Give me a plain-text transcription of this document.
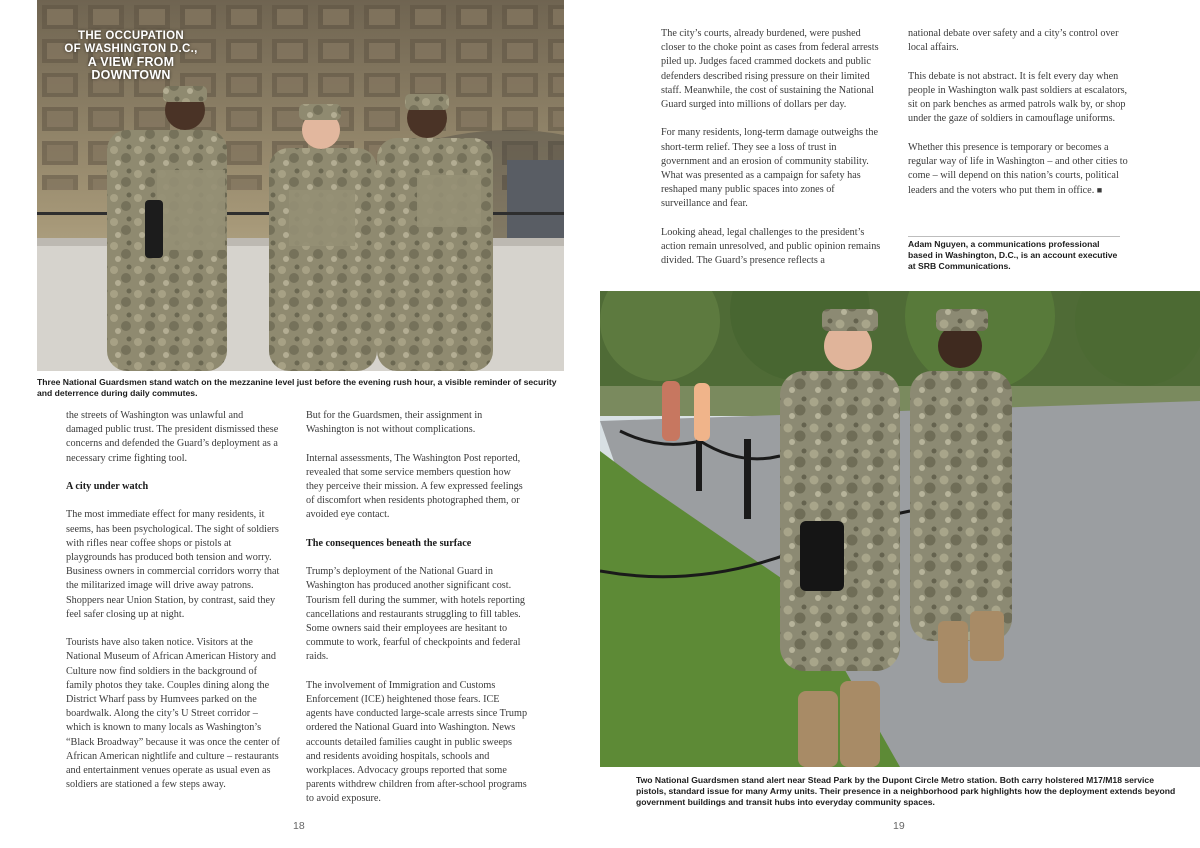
THE OCCUPATION
OF WASHINGTON D.C.,
A VIEW FROM
DOWNTOWN
Three National Guardsmen stand watch on the mezzanine level just before the evening rush hour, a visible reminder of security and deterrence during daily commutes.

the streets of Washington was unlawful and damaged public trust. The president dismissed these concerns and defended the Guard’s deployment as a necessary crime fighting tool.

A city under watch

The most immediate effect for many residents, it seems, has been psychological. The sight of soldiers with rifles near coffee shops or pistols at playgrounds has produced both tension and worry. Business owners in commercial corridors worry that the militarized image will drive away patrons. Shoppers near Union Station, by contrast, said they feel safer closing up at night.

Tourists have also taken notice. Visitors at the National Museum of African American History and Culture now find soldiers in the background of family photos they take. Couples dining along the District Wharf pass by Humvees parked on the boardwalk. Along the city’s U Street corridor – which is known to many locals as Washington’s “Black Broadway” because it was once the center of African American nightlife and culture – restaurants and entertainment venues operate as usual even as soldiers are stationed a few steps away.

But for the Guardsmen, their assignment in Washington is not without complications.

Internal assessments, The Washington Post reported, revealed that some service members question how they perceive their mission. A few expressed feelings of discomfort when residents photographed them, or avoided eye contact.

The consequences beneath the surface

Trump’s deployment of the National Guard in Washington has produced another significant cost. Tourism fell during the summer, with hotels reporting cancellations and restaurants struggling to fill tables. Some owners said their employees are hesitant to commute to work, fearful of checkpoints and federal raids.

The involvement of Immigration and Customs Enforcement (ICE) heightened those fears. ICE agents have conducted large-scale arrests since Trump ordered the National Guard into Washington. News accounts detailed families caught in public sweeps and residents avoiding hospitals, schools and workplaces. Advocacy groups reported that some parents withdrew children from after-school programs to avoid exposure.

18

The city’s courts, already burdened, were pushed closer to the choke point as cases from federal arrests piled up. Judges faced crammed dockets and public defenders described rising pressure on their limited staff. Meanwhile, the cost of sustaining the National Guard surged into millions of dollars per day.

For many residents, long-term damage outweighs the short-term relief. They see a loss of trust in government and an erosion of community stability. What was presented as a campaign for safety has reshaped many public spaces into zones of surveillance and fear.

Looking ahead, legal challenges to the president’s action remain unresolved, and public opinion remains divided. The Guard’s presence reflects a

national debate over safety and a city’s control over local affairs.

This debate is not abstract. It is felt every day when people in Washington walk past soldiers at escalators, sit on park benches as armed patrols walk by, or shop under the gaze of soldiers in camouflage uniforms.

Whether this presence is temporary or becomes a regular way of life in Washington – and other cities to come – will depend on this nation’s courts, political leaders and the voters who put them in office. ■

Adam Nguyen, a communications professional based in Washington, D.C., is an account executive at SRB Communications.
Two National Guardsmen stand alert near Stead Park by the Dupont Circle Metro station. Both carry holstered M17/M18 service pistols, standard issue for many Army units. Their presence in a neighborhood park highlights how the deployment extends beyond government buildings and transit hubs into everyday community spaces.
19
